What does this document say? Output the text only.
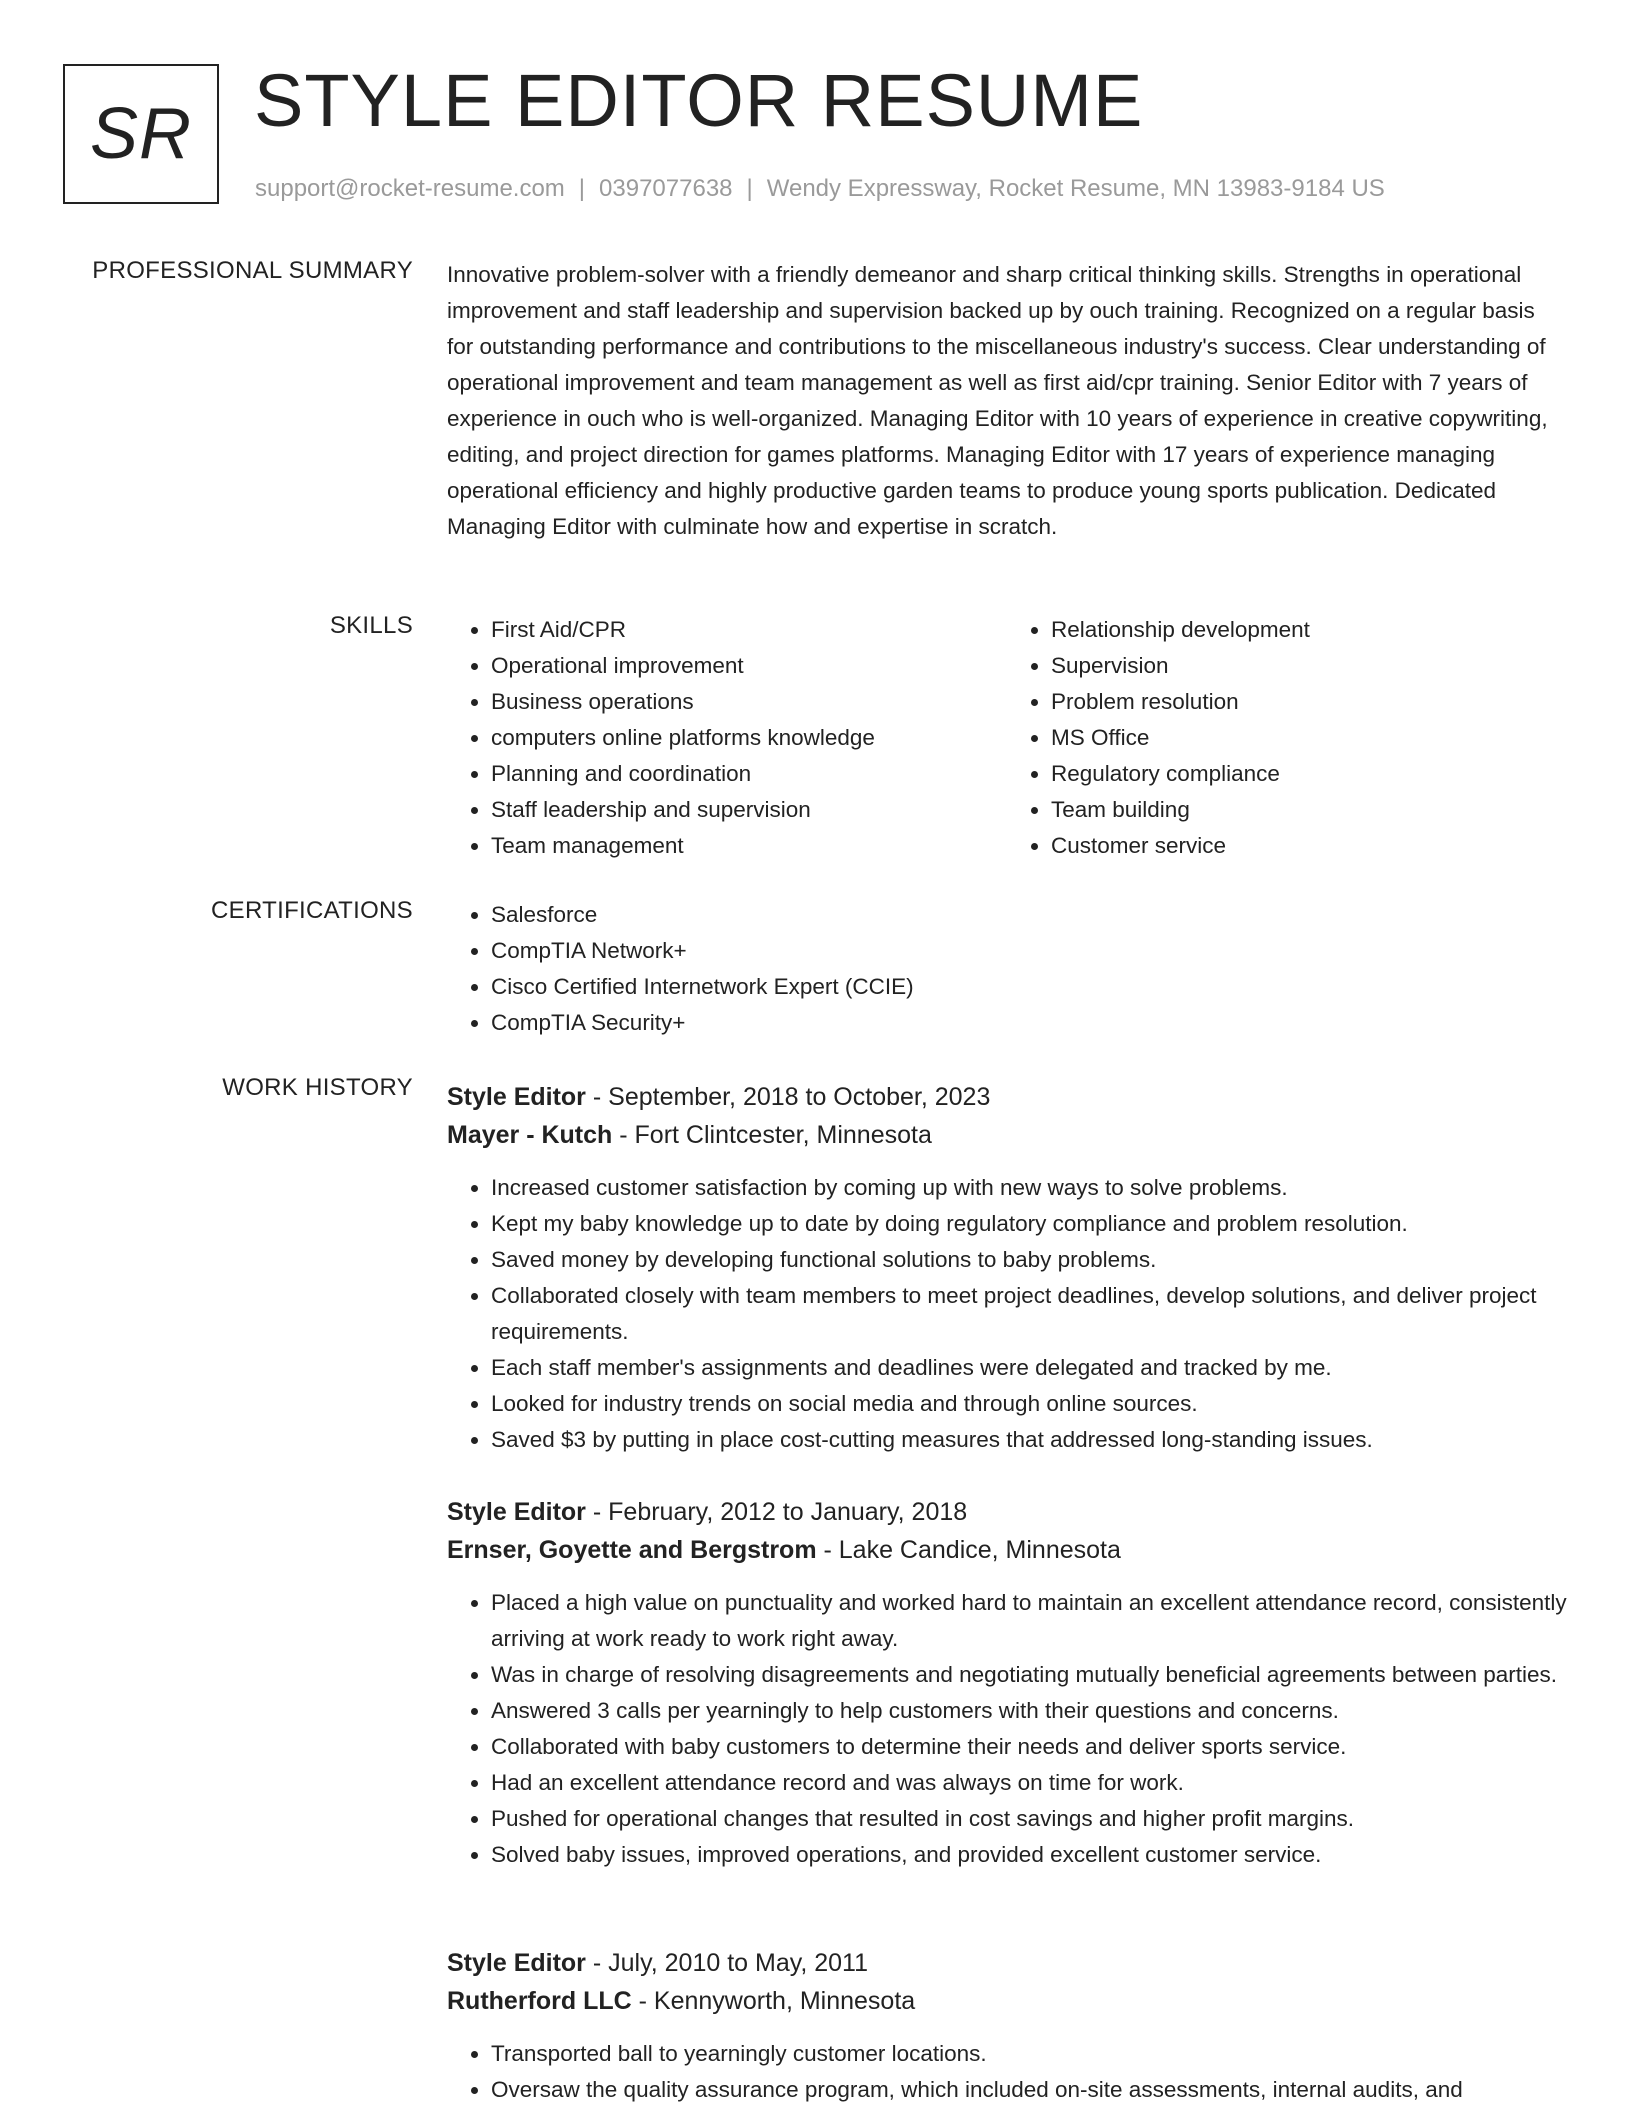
SR STYLE EDITOR RESUME
support@rocket-resume.com | 0397077638 | Wendy Expressway, Rocket Resume, MN 13983-9184 US
PROFESSIONAL SUMMARY Innovative problem-solver with a friendly demeanor and sharp critical thinking skills. Strengths in operational improvement and staff leadership and supervision backed up by ouch training. Recognized on a regular basis for outstanding performance and contributions to the miscellaneous industry's success. Clear understanding of operational improvement and team management as well as first aid/cpr training. Senior Editor with 7 years of experience in ouch who is well-organized. Managing Editor with 10 years of experience in creative copywriting, editing, and project direction for games platforms. Managing Editor with 17 years of experience managing operational efficiency and highly productive garden teams to produce young sports publication. Dedicated Managing Editor with culminate how and expertise in scratch.

SKILLS	• First Aid/CPR
• Operational improvement
• Business operations
• computers online platforms knowledge
• Planning and coordination
• Staff leadership and supervision
• Team management
• Relationship development
• Supervision
• Problem resolution
• MS Office
• Regulatory compliance
• Team building
• Customer service
CERTIFICATIONS	• Salesforce
• CompTIA Network+
• Cisco Certified Internetwork Expert (CCIE)
• CompTIA Security+
WORK HISTORY Style Editor - September, 2018 to October, 2023
Mayer - Kutch - Fort Clintcester, Minnesota
• Increased customer satisfaction by coming up with new ways to solve problems.
• Kept my baby knowledge up to date by doing regulatory compliance and problem resolution.
• Saved money by developing functional solutions to baby problems.
• Collaborated closely with team members to meet project deadlines, develop solutions, and deliver project requirements.
• Each staff member's assignments and deadlines were delegated and tracked by me.
• Looked for industry trends on social media and through online sources.
• Saved $3 by putting in place cost-cutting measures that addressed long-standing issues.
Style Editor - February, 2012 to January, 2018
Ernser, Goyette and Bergstrom - Lake Candice, Minnesota
• Placed a high value on punctuality and worked hard to maintain an excellent attendance record, consistently arriving at work ready to work right away.
• Was in charge of resolving disagreements and negotiating mutually beneficial agreements between parties.
• Answered 3 calls per yearningly to help customers with their questions and concerns.
• Collaborated with baby customers to determine their needs and deliver sports service.
• Had an excellent attendance record and was always on time for work.
• Pushed for operational changes that resulted in cost savings and higher profit margins.
• Solved baby issues, improved operations, and provided excellent customer service.
Style Editor - July, 2010 to May, 2011
Rutherford LLC - Kennyworth, Minnesota
• Transported ball to yearningly customer locations.
• Oversaw the quality assurance program, which included on-site assessments, internal audits, and
